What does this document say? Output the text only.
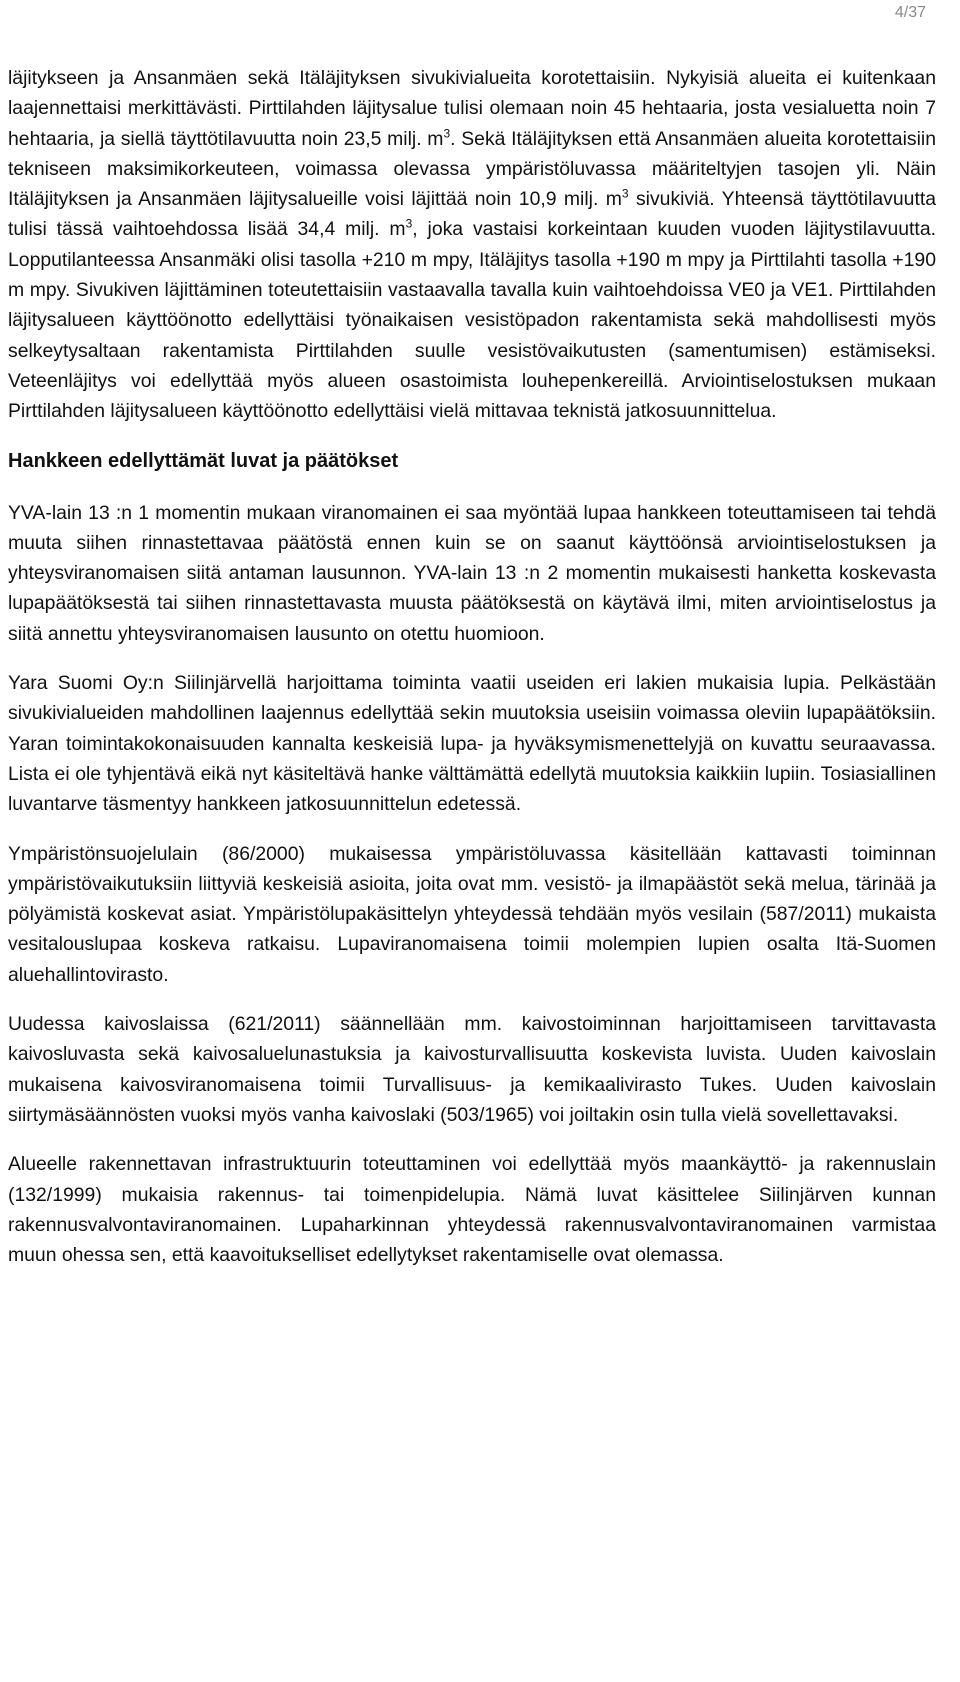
4/37

läjitykseen ja Ansanmäen sekä Itäläjityksen sivukivialueita korotettaisiin. Nykyisiä alueita ei kuitenkaan laajennettaisi merkittävästi. Pirttilahden läjitysalue tulisi olemaan noin 45 hehtaaria, josta vesialuetta noin 7 hehtaaria, ja siellä täyttötilavuutta noin 23,5 milj. $m^3$. Sekä Itäläjityksen että Ansanmäen alueita korotettaisiin tekniseen maksimikorkeuteen, voimassa olevassa ympäristöluvassa määriteltyjen tasojen yli. Näin Itäläjityksen ja Ansanmäen läjitysalueille voisi läjittää noin 10,9 milj. $m^3$ sivukiviä. Yhteensä täyttötilavuutta tulisi tässä vaihtoehdossa lisää 34,4 milj. $m^3$, joka vastaisi korkeintaan kuuden vuoden läjitystilavuutta. Lopputilanteessa Ansanmäki olisi tasolla +210 m mpy, Itäläjitys tasolla +190 m mpy ja Pirttilahti tasolla +190 m mpy. Sivukiven läjittäminen toteutettaisiin vastaavalla tavalla kuin vaihtoehdoissa VE0 ja VE1. Pirttilahden läjitysalueen käyttöönotto edellyttäisi työnaikaisen vesistöpadon rakentamista sekä mahdollisesti myös selkeytysaltaan rakentamista Pirttilahden suulle vesistövaikutusten (samentumisen) estämiseksi. Veteenläjitys voi edellyttää myös alueen osastoimista louhepenkereillä. Arviointiselostuksen mukaan Pirttilahden läjitysalueen käyttöönotto edellyttäisi vielä mittavaa teknistä jatkosuunnittelua.

Hankkeen edellyttämät luvat ja päätökset

YVA-lain 13 :n 1 momentin mukaan viranomainen ei saa myöntää lupaa hankkeen toteuttamiseen tai tehdä muuta siihen rinnastettavaa päätöstä ennen kuin se on saanut käyttöönsä arviointiselostuksen ja yhteysviranomaisen siitä antaman lausunnon. YVA-lain 13 :n 2 momentin mukaisesti hanketta koskevasta lupapäätöksestä tai siihen rinnastettavasta muusta päätöksestä on käytävä ilmi, miten arviointiselostus ja siitä annettu yhteysviranomaisen lausunto on otettu huomioon.

Yara Suomi Oy:n Siilinjärvellä harjoittama toiminta vaatii useiden eri lakien mukaisia lupia. Pelkästään sivukivialueiden mahdollinen laajennus edellyttää sekin muutoksia useisiin voimassa oleviin lupapäätöksiin. Yaran toimintakokonaisuuden kannalta keskeisiä lupa- ja hyväksymismenettelyjä on kuvattu seuraavassa. Lista ei ole tyhjentävä eikä nyt käsiteltävä hanke välttämättä edellytä muutoksia kaikkiin lupiin. Tosiasiallinen luvantarve täsmentyy hankkeen jatkosuunnittelun edetessä.

Ympäristönsuojelulain (86/2000) mukaisessa ympäristöluvassa käsitellään kattavasti toiminnan ympäristövaikutuksiin liittyviä keskeisiä asioita, joita ovat mm. vesistö- ja ilmapäästöt sekä melua, tärinää ja pölyämistä koskevat asiat. Ympäristölupakäsittelyn yhteydessä tehdään myös vesilain (587/2011) mukaista vesitalouslupaa koskeva ratkaisu. Lupaviranomaisena toimii molempien lupien osalta Itä-Suomen aluehallintovirasto.

Uudessa kaivoslaissa (621/2011) säännellään mm. kaivostoiminnan harjoittamiseen tarvittavasta kaivosluvasta sekä kaivosaluelunastuksia ja kaivosturvallisuutta koskevista luvista. Uuden kaivoslain mukaisena kaivosviranomaisena toimii Turvallisuus- ja kemikaalivirasto Tukes. Uuden kaivoslain siirtymäsäännösten vuoksi myös vanha kaivoslaki (503/1965) voi joiltakin osin tulla vielä sovellettavaksi.

Alueelle rakennettavan infrastruktuurin toteuttaminen voi edellyttää myös maankäyttö- ja rakennuslain (132/1999) mukaisia rakennus- tai toimenpidelupia. Nämä luvat käsittelee Siilinjärven kunnan rakennusvalvontaviranomainen. Lupaharkinnan yhteydessä rakennusvalvontaviranomainen varmistaa muun ohessa sen, että kaavoitukselliset edellytykset rakentamiselle ovat olemassa.
